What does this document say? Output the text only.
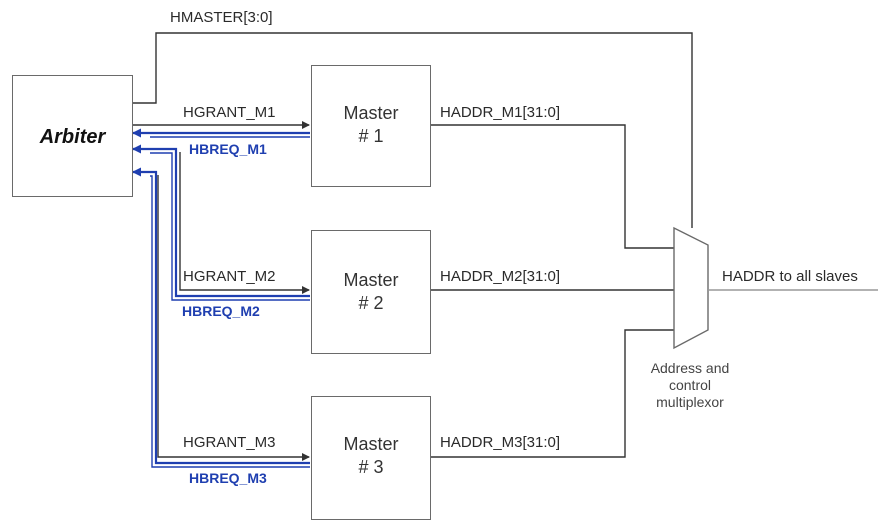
Arbiter
Master
# 1
Master
# 2
Master
# 3
HMASTER[3:0]
HGRANT_M1
HBREQ_M1
HGRANT_M2
HBREQ_M2
HGRANT_M3
HBREQ_M3
HADDR_M1[31:0]
HADDR_M2[31:0]
HADDR_M3[31:0]
HADDR to all slaves
Address and
control
multiplexor
